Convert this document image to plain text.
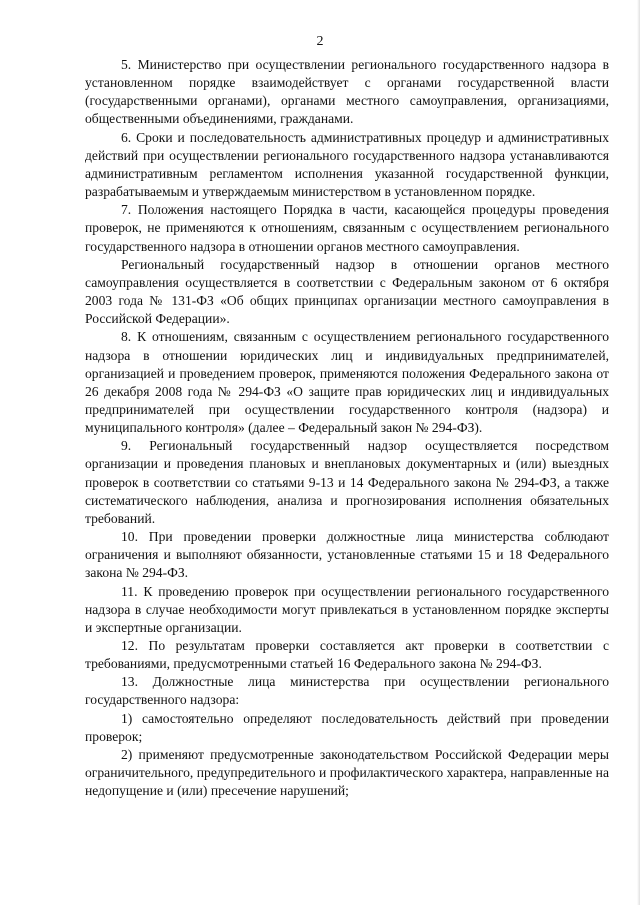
2

5. Министерство при осуществлении регионального государственного надзора в установленном порядке взаимодействует с органами государственной власти (государственными органами), органами местного самоуправления, организациями, общественными объединениями, гражданами.

6. Сроки и последовательность административных процедур и административных действий при осуществлении регионального государственного надзора устанавливаются административным регламентом исполнения указанной государственной функции, разрабатываемым и утверждаемым министерством в установленном порядке.

7. Положения настоящего Порядка в части, касающейся процедуры проведения проверок, не применяются к отношениям, связанным с осуществлением регионального государственного надзора в отношении органов местного самоуправления.

Региональный государственный надзор в отношении органов местного самоуправления осуществляется в соответствии с Федеральным законом от 6 октября 2003 года № 131-ФЗ «Об общих принципах организации местного самоуправления в Российской Федерации».

8. К отношениям, связанным с осуществлением регионального государственного надзора в отношении юридических лиц и индивидуальных предпринимателей, организацией и проведением проверок, применяются положения Федерального закона от 26 декабря 2008 года № 294-ФЗ «О защите прав юридических лиц и индивидуальных предпринимателей при осуществлении государственного контроля (надзора) и муниципального контроля» (далее – Федеральный закон № 294-ФЗ).

9. Региональный государственный надзор осуществляется посредством организации и проведения плановых и внеплановых документарных и (или) выездных проверок в соответствии со статьями 9-13 и 14 Федерального закона № 294-ФЗ, а также систематического наблюдения, анализа и прогнозирования исполнения обязательных требований.

10. При проведении проверки должностные лица министерства соблюдают ограничения и выполняют обязанности, установленные статьями 15 и 18 Федерального закона № 294-ФЗ.

11. К проведению проверок при осуществлении регионального государственного надзора в случае необходимости могут привлекаться в установленном порядке эксперты и экспертные организации.

12. По результатам проверки составляется акт проверки в соответствии с требованиями, предусмотренными статьей 16 Федерального закона № 294-ФЗ.

13. Должностные лица министерства при осуществлении регионального государственного надзора:

1) самостоятельно определяют последовательность действий при проведении проверок;

2) применяют предусмотренные законодательством Российской Федерации меры ограничительного, предупредительного и профилактического характера, направленные на недопущение и (или) пресечение нарушений;
